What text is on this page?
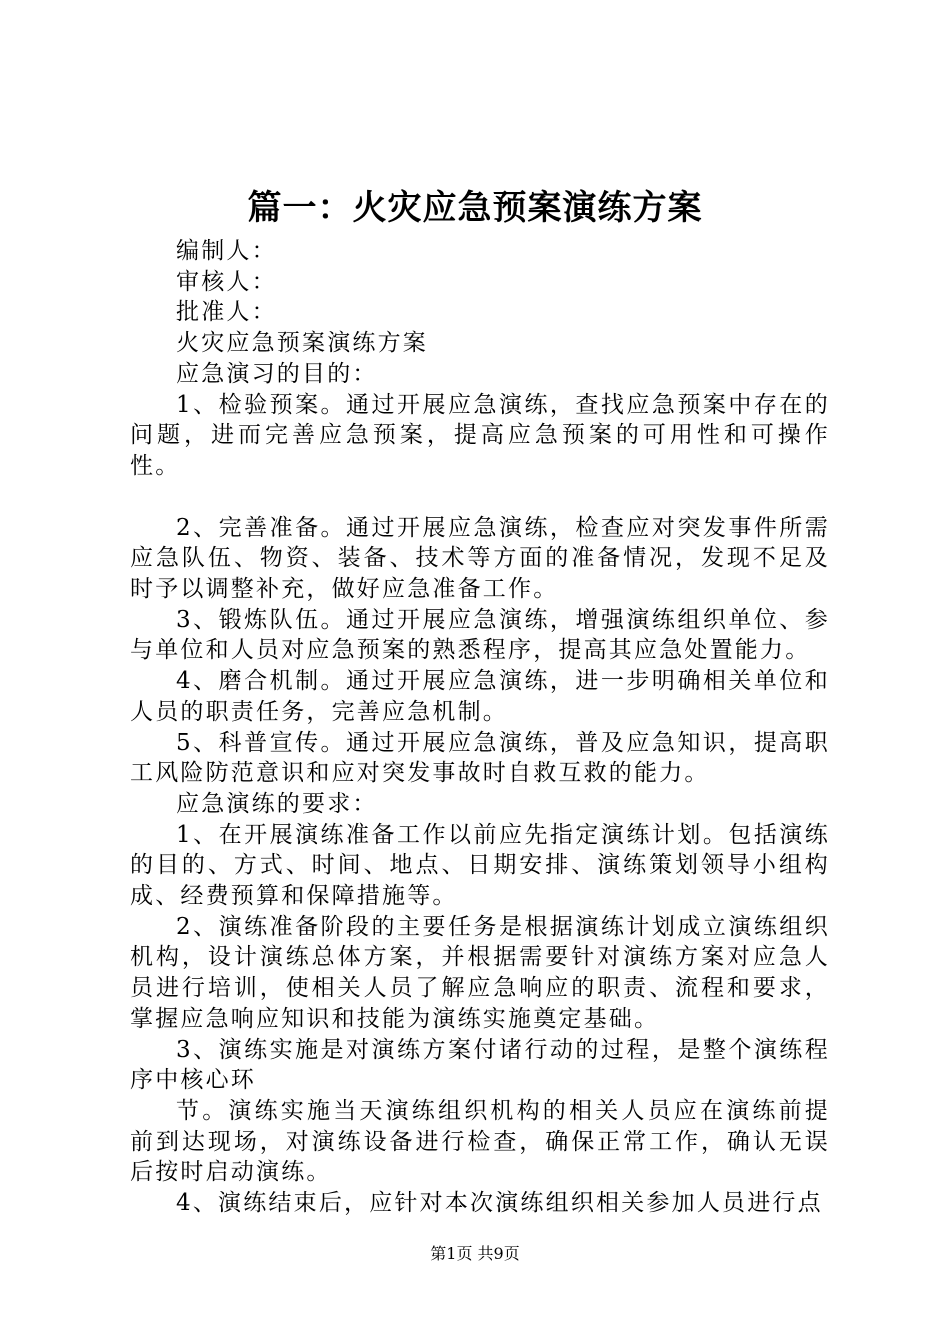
篇一：火灾应急预案演练方案

编制人：

审核人：

批准人：

火灾应急预案演练方案

应急演习的目的：

1、检验预案。通过开展应急演练，查找应急预案中存在的问题，进而完善应急预案，提高应急预案的可用性和可操作性。

2、完善准备。通过开展应急演练，检查应对突发事件所需应急队伍、物资、装备、技术等方面的准备情况，发现不足及时予以调整补充，做好应急准备工作。

3、锻炼队伍。通过开展应急演练，增强演练组织单位、参与单位和人员对应急预案的熟悉程序，提高其应急处置能力。

4、磨合机制。通过开展应急演练，进一步明确相关单位和人员的职责任务，完善应急机制。

5、科普宣传。通过开展应急演练，普及应急知识，提高职工风险防范意识和应对突发事故时自救互救的能力。

应急演练的要求：

1、在开展演练准备工作以前应先指定演练计划。包括演练的目的、方式、时间、地点、日期安排、演练策划领导小组构成、经费预算和保障措施等。

2、演练准备阶段的主要任务是根据演练计划成立演练组织机构，设计演练总体方案，并根据需要针对演练方案对应急人员进行培训，使相关人员了解应急响应的职责、流程和要求，掌握应急响应知识和技能为演练实施奠定基础。

3、演练实施是对演练方案付诸行动的过程，是整个演练程序中核心环

节。演练实施当天演练组织机构的相关人员应在演练前提前到达现场，对演练设备进行检查，确保正常工作，确认无误后按时启动演练。

4、演练结束后，应针对本次演练组织相关参加人员进行点

第1页 共9页
